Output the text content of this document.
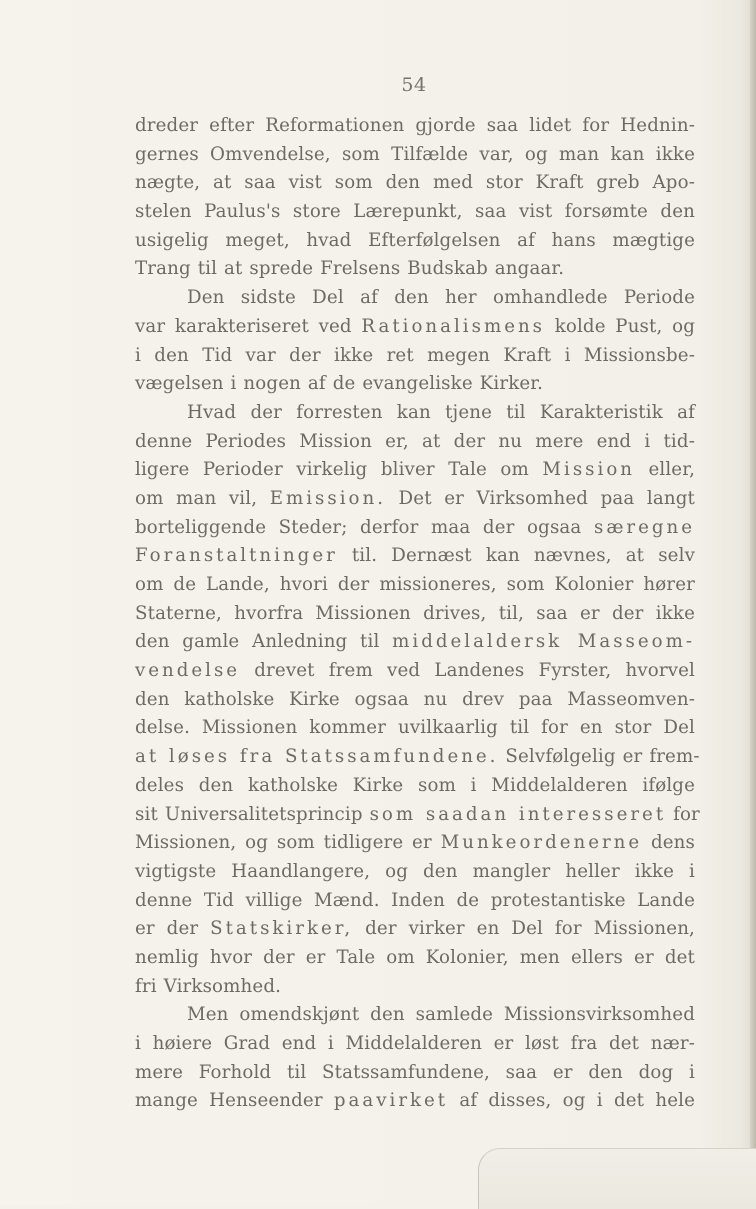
54
dreder efter Reformationen gjorde saa lidet for Hednin-
gernes Omvendelse, som Tilfælde var, og man kan ikke
nægte, at saa vist som den med stor Kraft greb Apo-
stelen Paulus's store Lærepunkt, saa vist forsømte den
usigelig meget, hvad Efterfølgelsen af hans mægtige
Trang til at sprede Frelsens Budskab angaar.
Den sidste Del af den her omhandlede Periode
var karakteriseret ved Rationalismens kolde Pust, og
i den Tid var der ikke ret megen Kraft i Missionsbe-
vægelsen i nogen af de evangeliske Kirker.
Hvad der forresten kan tjene til Karakteristik af
denne Periodes Mission er, at der nu mere end i tid-
ligere Perioder virkelig bliver Tale om Mission eller,
om man vil, Emission. Det er Virksomhed paa langt
borteliggende Steder; derfor maa der ogsaa særegne
Foranstaltninger til. Dernæst kan nævnes, at selv
om de Lande, hvori der missioneres, som Kolonier hører
Staterne, hvorfra Missionen drives, til, saa er der ikke
den gamle Anledning til middelaldersk Masseom-
vendelse drevet frem ved Landenes Fyrster, hvorvel
den katholske Kirke ogsaa nu drev paa Masseomven-
delse. Missionen kommer uvilkaarlig til for en stor Del
at løses fra Statssamfundene. Selvfølgelig er frem-
deles den katholske Kirke som i Middelalderen ifølge
sit Universalitetsprincip som saadan interesseret for
Missionen, og som tidligere er Munkeordenerne dens
vigtigste Haandlangere, og den mangler heller ikke i
denne Tid villige Mænd. Inden de protestantiske Lande
er der Statskirker, der virker en Del for Missionen,
nemlig hvor der er Tale om Kolonier, men ellers er det
fri Virksomhed.
Men omendskjønt den samlede Missionsvirksomhed
i høiere Grad end i Middelalderen er løst fra det nær-
mere Forhold til Statssamfundene, saa er den dog i
mange Henseender paavirket af disses, og i det hele
